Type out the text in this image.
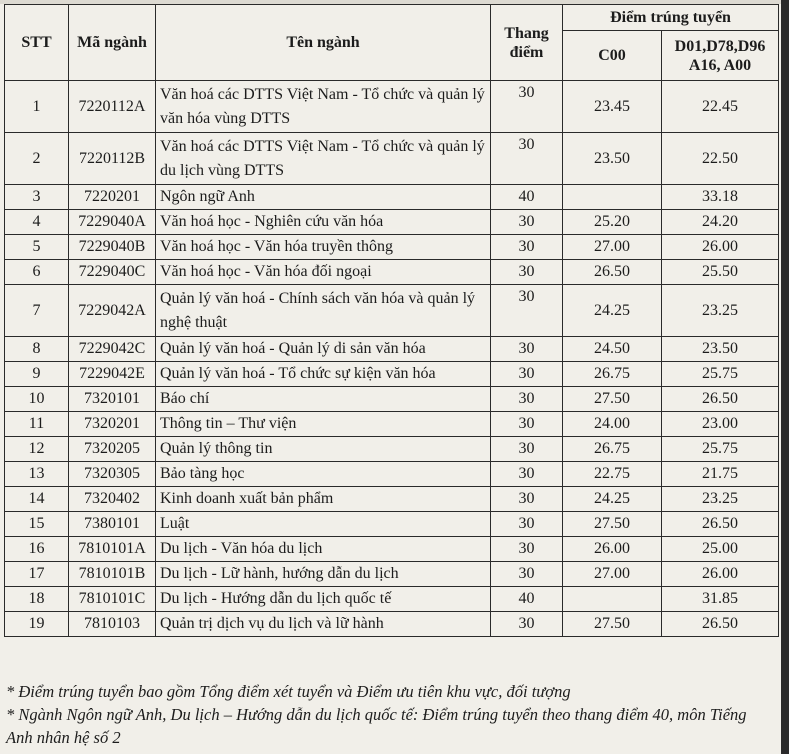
STT	Mã ngành	Tên ngành	Thang điểm	Điểm trúng tuyển	
				C00	D01,D78,D96 A16, A00
1	7220112A	Văn hoá các DTTS Việt Nam - Tổ chức và quản lý văn hóa vùng DTTS	30	23.45	22.45
2	7220112B	Văn hoá các DTTS Việt Nam - Tổ chức và quản lý du lịch vùng DTTS	30	23.50	22.50
3	7220201	Ngôn ngữ Anh	40		33.18
4	7229040A	Văn hoá học - Nghiên cứu văn hóa	30	25.20	24.20
5	7229040B	Văn hoá học - Văn hóa truyền thông	30	27.00	26.00
6	7229040C	Văn hoá học - Văn hóa đối ngoại	30	26.50	25.50
7	7229042A	Quản lý văn hoá - Chính sách văn hóa và quản lý nghệ thuật	30	24.25	23.25
8	7229042C	Quản lý văn hoá - Quản lý di sản văn hóa	30	24.50	23.50
9	7229042E	Quản lý văn hoá - Tổ chức sự kiện văn hóa	30	26.75	25.75
10	7320101	Báo chí	30	27.50	26.50
11	7320201	Thông tin – Thư viện	30	24.00	23.00
12	7320205	Quản lý thông tin	30	26.75	25.75
13	7320305	Bảo tàng học	30	22.75	21.75
14	7320402	Kinh doanh xuất bản phẩm	30	24.25	23.25
15	7380101	Luật	30	27.50	26.50
16	7810101A	Du lịch - Văn hóa du lịch	30	26.00	25.00
17	7810101B	Du lịch - Lữ hành, hướng dẫn du lịch	30	27.00	26.00
18	7810101C	Du lịch - Hướng dẫn du lịch quốc tế	40		31.85
19	7810103	Quản trị dịch vụ du lịch và lữ hành	30	27.50	26.50

* Điểm trúng tuyển bao gồm Tổng điểm xét tuyển và Điểm ưu tiên khu vực, đối tượng

* Ngành Ngôn ngữ Anh, Du lịch – Hướng dẫn du lịch quốc tế: Điểm trúng tuyển theo thang điểm 40, môn Tiếng Anh nhân hệ số 2
